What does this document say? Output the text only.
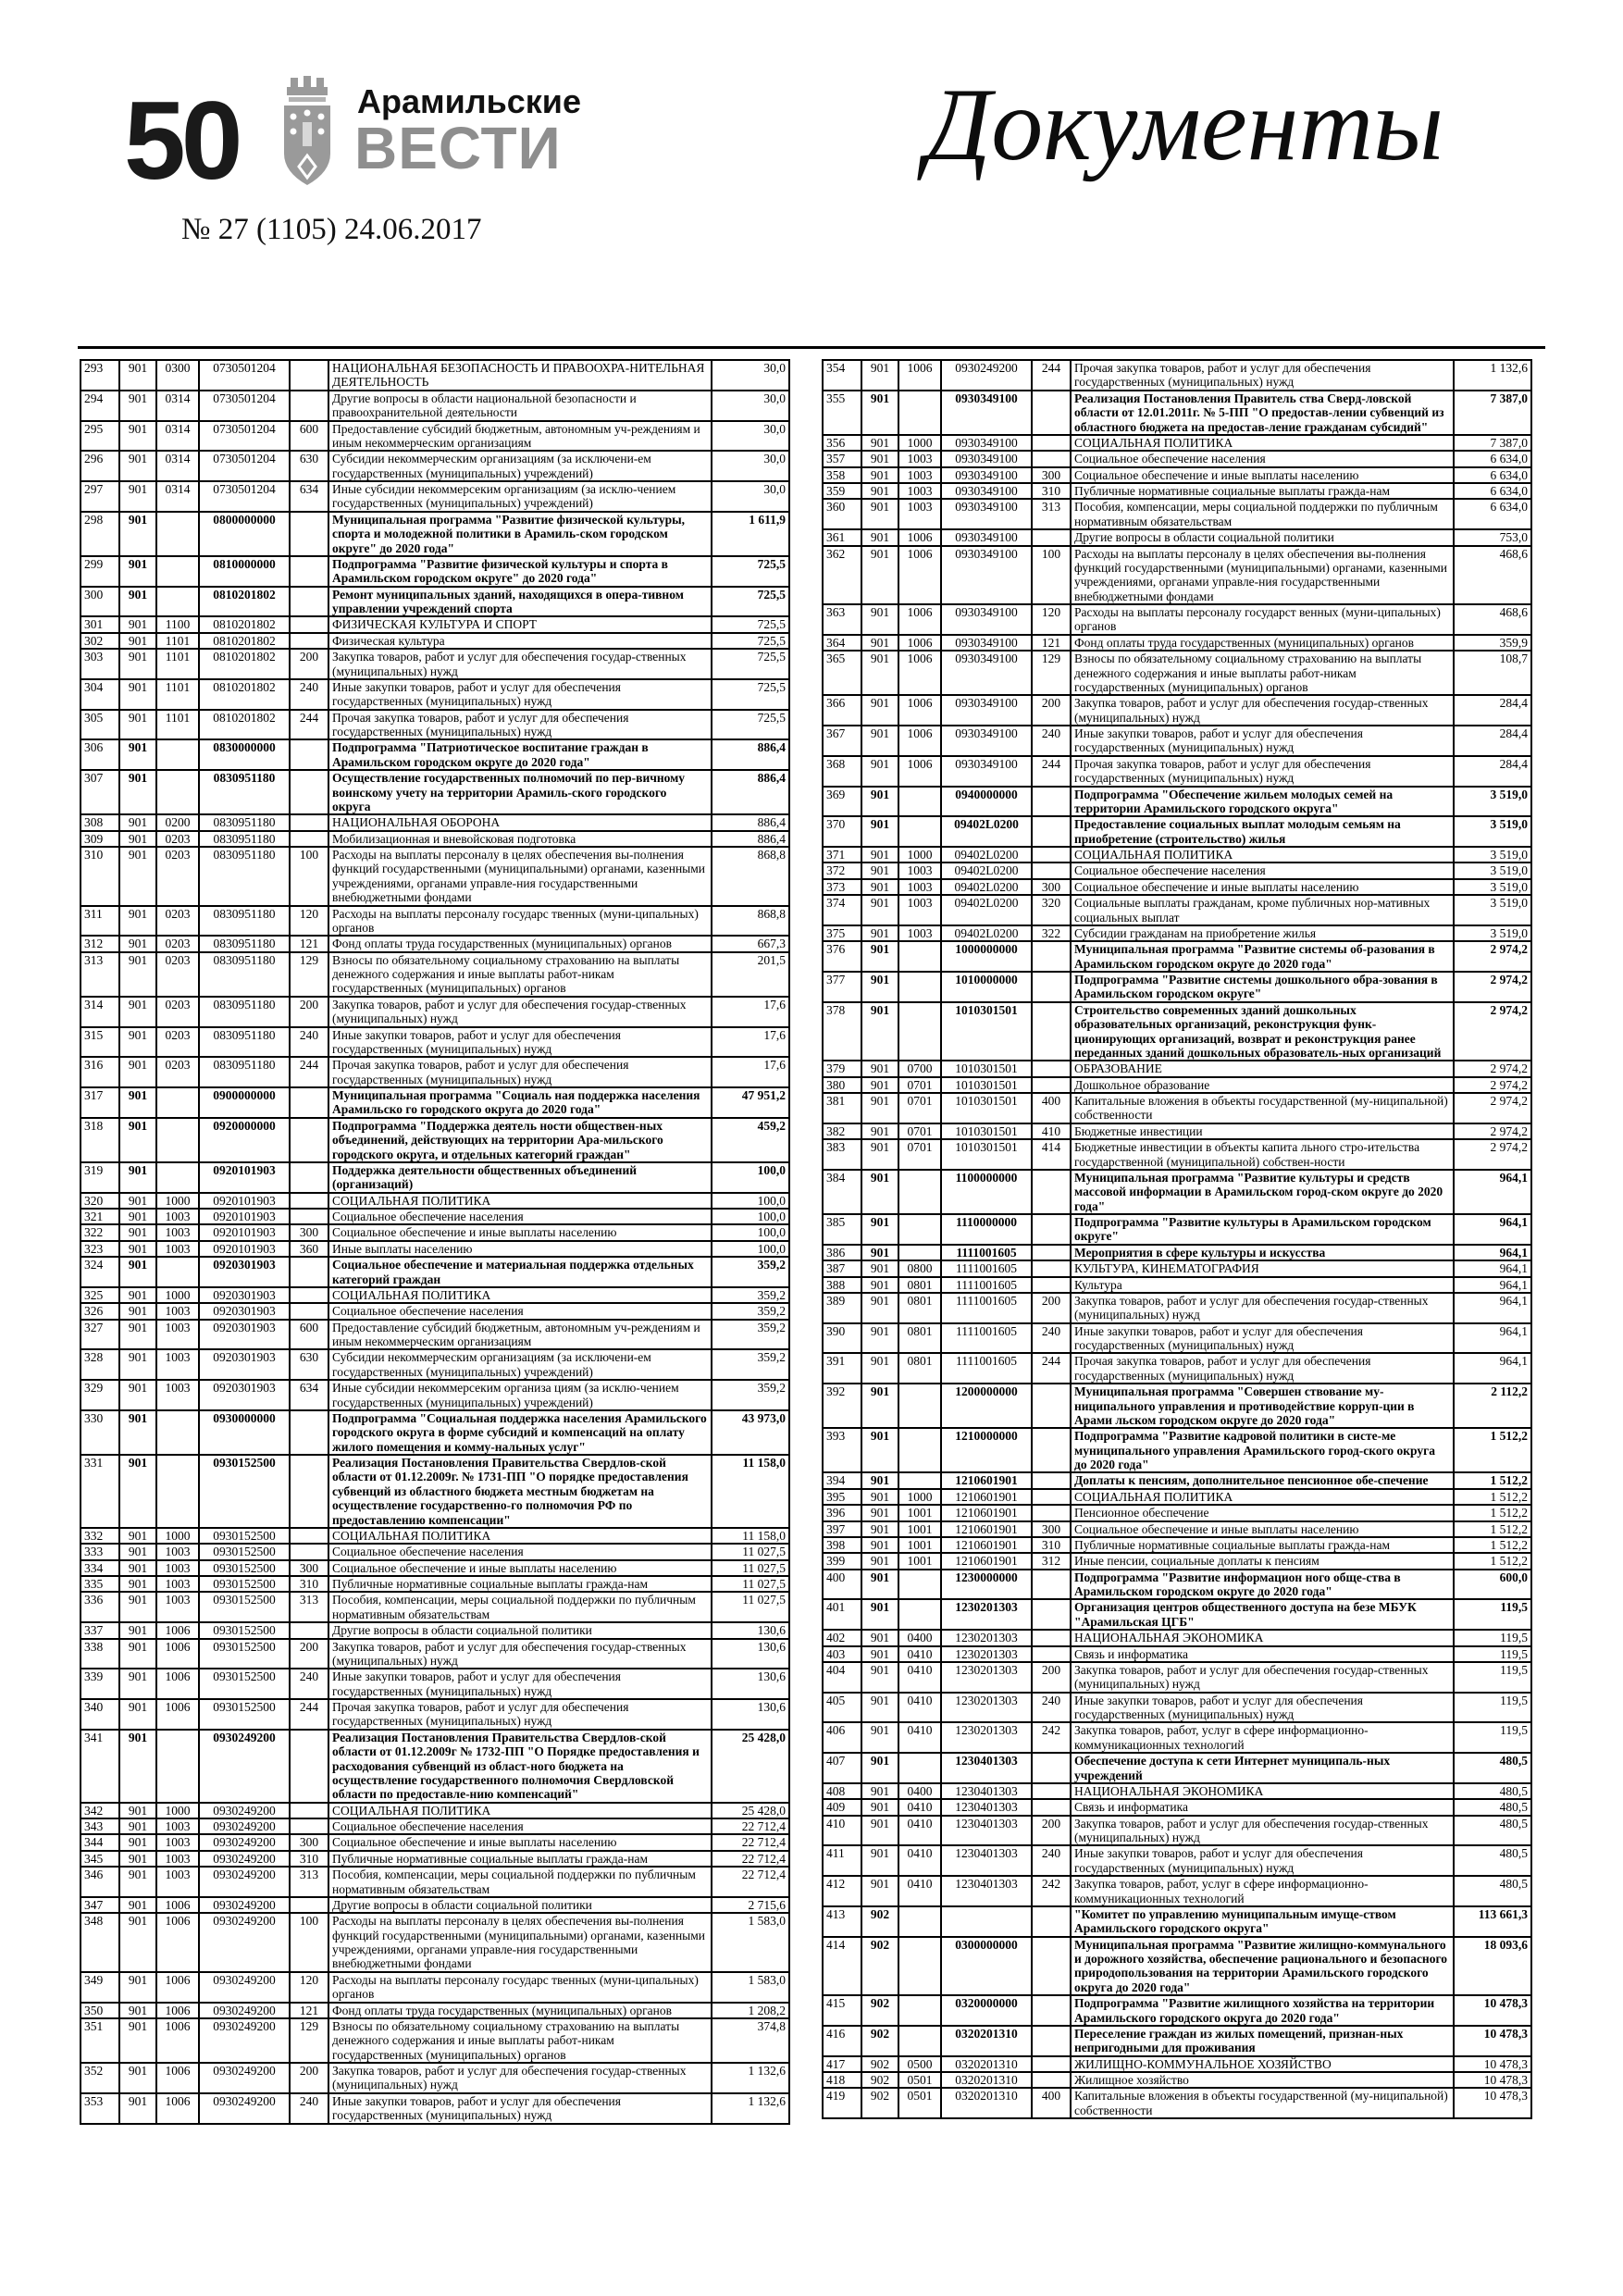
50	Арамильские
ВЕСТИ
№ 27 (1105) 24.06.2017
Документы
293	901	0300	0730501204		НАЦИОНАЛЬНАЯ БЕЗОПАСНОСТЬ И ПРАВООХРА-НИТЕЛЬНАЯ ДЕЯТЕЛЬНОСТЬ	30,0
294	901	0314	0730501204		Другие вопросы в области национальной безопасности и правоохранительной деятельности	30,0
295	901	0314	0730501204	600	Предоставление субсидий бюджетным, автономным уч-реждениям и иным некоммерческим организациям	30,0
296	901	0314	0730501204	630	Субсидии некоммерческим организациям (за исключени-ем государственных (муниципальных) учреждений)	30,0
297	901	0314	0730501204	634	Иные субсидии некоммерсеким организациям (за исклю-чением государственных (муниципальных) учреждений)	30,0
298	901		0800000000		Муниципальная программа "Развитие физической культуры, спорта и молодежной политики в Арамиль-ском городском округе" до 2020 года"	1 611,9
299	901		0810000000		Подпрограмма "Развитие физической культуры и спорта в Арамильском городском округе" до 2020 года"	725,5
300	901		0810201802		Ремонт муниципальных зданий, находящихся в опера-тивном управлении учреждений спорта	725,5
301	901	1100	0810201802		ФИЗИЧЕСКАЯ КУЛЬТУРА И СПОРТ	725,5
302	901	1101	0810201802		Физическая культура	725,5
303	901	1101	0810201802	200	Закупка товаров, работ и услуг для обеспечения государ-ственных (муниципальных) нужд	725,5
304	901	1101	0810201802	240	Иные закупки товаров, работ и услуг для обеспечения государственных (муниципальных) нужд	725,5
305	901	1101	0810201802	244	Прочая закупка товаров, работ и услуг для обеспечения государственных (муниципальных) нужд	725,5
306	901		0830000000		Подпрограмма "Патриотическое воспитание граждан в Арамильском городском округе до 2020 года"	886,4
307	901		0830951180		Осуществление государственных полномочий по пер-вичному воинскому учету на территории Арамиль-ского городского округа	886,4
308	901	0200	0830951180		НАЦИОНАЛЬНАЯ ОБОРОНА	886,4
309	901	0203	0830951180		Мобилизационная и вневойсковая подготовка	886,4
310	901	0203	0830951180	100	Расходы на выплаты персоналу в целях обеспечения вы-полнения функций государственными (муниципальными) органами, казенными учреждениями, органами управле-ния государственными внебюджетными фондами	868,8
311	901	0203	0830951180	120	Расходы на выплаты персоналу государс твенных (муни-ципальных) органов	868,8
312	901	0203	0830951180	121	Фонд оплаты труда государственных (муниципальных) органов	667,3
313	901	0203	0830951180	129	Взносы по обязательному социальному страхованию на выплаты денежного содержания и иные выплаты работ-никам государственных (муниципальных) органов	201,5
314	901	0203	0830951180	200	Закупка товаров, работ и услуг для обеспечения государ-ственных (муниципальных) нужд	17,6
315	901	0203	0830951180	240	Иные закупки товаров, работ и услуг для обеспечения государственных (муниципальных) нужд	17,6
316	901	0203	0830951180	244	Прочая закупка товаров, работ и услуг для обеспечения государственных (муниципальных) нужд	17,6
317	901		0900000000		Муниципальная программа "Социаль ная поддержка населения Арамильско го городского округа до 2020 года"	47 951,2
318	901		0920000000		Подпрограмма "Поддержка деятель ности обществен-ных объединений, действующих на территории Ара-мильского городского округа, и отдельных категорий граждан"	459,2
319	901		0920101903		Поддержка деятельности общественных объединений (организаций)	100,0
320	901	1000	0920101903		СОЦИАЛЬНАЯ ПОЛИТИКА	100,0
321	901	1003	0920101903		Социальное обеспечение населения	100,0
322	901	1003	0920101903	300	Социальное обеспечение и иные выплаты населению	100,0
323	901	1003	0920101903	360	Иные выплаты населению	100,0
324	901		0920301903		Социальное обеспечение и материальная поддержка отдельных категорий граждан	359,2
325	901	1000	0920301903		СОЦИАЛЬНАЯ ПОЛИТИКА	359,2
326	901	1003	0920301903		Социальное обеспечение населения	359,2
327	901	1003	0920301903	600	Предоставление субсидий бюджетным, автономным уч-реждениям и иным некоммерческим организациям	359,2
328	901	1003	0920301903	630	Субсидии некоммерческим организациям (за исключени-ем государственных (муниципальных) учреждений)	359,2
329	901	1003	0920301903	634	Иные субсидии некоммерсеким организа циям (за исклю-чением государственных (муниципальных) учреждений)	359,2
330	901		0930000000		Подпрограмма "Социальная поддержка населения Арамильского городского округа в форме субсидий и компенсаций на оплату жилого помещения и комму-нальных услуг"	43 973,0
331	901		0930152500		Реализация Постановления Правительства Свердлов-ской области от 01.12.2009г. № 1731-ПП "О порядке предоставления субвенций из областного бюджета местным бюджетам на осуществление государственно-го полномочия РФ по предоставлению компенсации"	11 158,0
332	901	1000	0930152500		СОЦИАЛЬНАЯ ПОЛИТИКА	11 158,0
333	901	1003	0930152500		Социальное обеспечение населения	11 027,5
334	901	1003	0930152500	300	Социальное обеспечение и иные выплаты населению	11 027,5
335	901	1003	0930152500	310	Публичные нормативные социальные выплаты гражда-нам	11 027,5
336	901	1003	0930152500	313	Пособия, компенсации, меры социальной поддержки по публичным нормативным обязательствам	11 027,5
337	901	1006	0930152500		Другие вопросы в области социальной политики	130,6
338	901	1006	0930152500	200	Закупка товаров, работ и услуг для обеспечения государ-ственных (муниципальных) нужд	130,6
339	901	1006	0930152500	240	Иные закупки товаров, работ и услуг для обеспечения государственных (муниципальных) нужд	130,6
340	901	1006	0930152500	244	Прочая закупка товаров, работ и услуг для обеспечения государственных (муниципальных) нужд	130,6
341	901		0930249200		Реализация Постановления Правительства Свердлов-ской области от 01.12.2009г № 1732-ПП "О Порядке предоставления и расходования субвенций из област-ного бюджета на осуществление государственного полномочия Свердловской области по предоставле-нию компенсаций"	25 428,0
342	901	1000	0930249200		СОЦИАЛЬНАЯ ПОЛИТИКА	25 428,0
343	901	1003	0930249200		Социальное обеспечение населения	22 712,4
344	901	1003	0930249200	300	Социальное обеспечение и иные выплаты населению	22 712,4
345	901	1003	0930249200	310	Публичные нормативные социальные выплаты гражда-нам	22 712,4
346	901	1003	0930249200	313	Пособия, компенсации, меры социальной поддержки по публичным нормативным обязательствам	22 712,4
347	901	1006	0930249200		Другие вопросы в области социальной политики	2 715,6
348	901	1006	0930249200	100	Расходы на выплаты персоналу в целях обеспечения вы-полнения функций государственными (муниципальными) органами, казенными учреждениями, органами управле-ния государственными внебюджетными фондами	1 583,0
349	901	1006	0930249200	120	Расходы на выплаты персоналу государс твенных (муни-ципальных) органов	1 583,0
350	901	1006	0930249200	121	Фонд оплаты труда государственных (муниципальных) органов	1 208,2
351	901	1006	0930249200	129	Взносы по обязательному социальному страхованию на выплаты денежного содержания и иные выплаты работ-никам государственных (муниципальных) органов	374,8
352	901	1006	0930249200	200	Закупка товаров, работ и услуг для обеспечения государ-ственных (муниципальных) нужд	1 132,6
353	901	1006	0930249200	240	Иные закупки товаров, работ и услуг для обеспечения государственных (муниципальных) нужд	1 132,6
354	901	1006	0930249200	244	Прочая закупка товаров, работ и услуг для обеспечения государственных (муниципальных) нужд	1 132,6
355	901		0930349100		Реализация Постановления Правитель ства Сверд-ловской области от 12.01.2011г. № 5-ПП "О предостав-лении субвенций из областного бюджета на предостав-ление гражданам субсидий"	7 387,0
356	901	1000	0930349100		СОЦИАЛЬНАЯ ПОЛИТИКА	7 387,0
357	901	1003	0930349100		Социальное обеспечение населения	6 634,0
358	901	1003	0930349100	300	Социальное обеспечение и иные выплаты населению	6 634,0
359	901	1003	0930349100	310	Публичные нормативные социальные выплаты гражда-нам	6 634,0
360	901	1003	0930349100	313	Пособия, компенсации, меры социальной поддержки по публичным нормативным обязательствам	6 634,0
361	901	1006	0930349100		Другие вопросы в области социальной политики	753,0
362	901	1006	0930349100	100	Расходы на выплаты персоналу в целях обеспечения вы-полнения функций государственными (муниципальными) органами, казенными учреждениями, органами управле-ния государственными внебюджетными фондами	468,6
363	901	1006	0930349100	120	Расходы на выплаты персоналу государст венных (муни-ципальных) органов	468,6
364	901	1006	0930349100	121	Фонд оплаты труда государственных (муниципальных) органов	359,9
365	901	1006	0930349100	129	Взносы по обязательному социальному страхованию на выплаты денежного содержания и иные выплаты работ-никам государственных (муниципальных) органов	108,7
366	901	1006	0930349100	200	Закупка товаров, работ и услуг для обеспечения государ-ственных (муниципальных) нужд	284,4
367	901	1006	0930349100	240	Иные закупки товаров, работ и услуг для обеспечения государственных (муниципальных) нужд	284,4
368	901	1006	0930349100	244	Прочая закупка товаров, работ и услуг для обеспечения государственных (муниципальных) нужд	284,4
369	901		0940000000		Подпрограмма "Обеспечение жильем молодых семей на территории Арамильского городского округа"	3 519,0
370	901		09402L0200		Предоставление социальных выплат молодым семьям на приобретение (строительство) жилья	3 519,0
371	901	1000	09402L0200		СОЦИАЛЬНАЯ ПОЛИТИКА	3 519,0
372	901	1003	09402L0200		Социальное обеспечение населения	3 519,0
373	901	1003	09402L0200	300	Социальное обеспечение и иные выплаты населению	3 519,0
374	901	1003	09402L0200	320	Социальные выплаты гражданам, кроме публичных нор-мативных социальных выплат	3 519,0
375	901	1003	09402L0200	322	Субсидии гражданам на приобретение жилья	3 519,0
376	901		1000000000		Муниципальная программа "Развитие системы об-разования в Арамильском городском округе до 2020 года"	2 974,2
377	901		1010000000		Подпрограмма "Развитие системы дошкольного обра-зования в Арамильском городском округе"	2 974,2
378	901		1010301501		Строительство современных зданий дошкольных образовательных организаций, реконструкция функ-ционирующих организаций, возврат и реконструкция ранее переданных зданий дошкольных образователь-ных организаций	2 974,2
379	901	0700	1010301501		ОБРАЗОВАНИЕ	2 974,2
380	901	0701	1010301501		Дошкольное образование	2 974,2
381	901	0701	1010301501	400	Капитальные вложения в объекты государственной (му-ниципальной) собственности	2 974,2
382	901	0701	1010301501	410	Бюджетные инвестиции	2 974,2
383	901	0701	1010301501	414	Бюджетные инвестиции в объекты капита льного стро-ительства государственной (муниципальной) собствен-ности	2 974,2
384	901		1100000000		Муниципальная программа "Развитие культуры и средств массовой информации в Арамильском город-ском округе до 2020 года"	964,1
385	901		1110000000		Подпрограмма "Развитие культуры в Арамильском городском округе"	964,1
386	901		1111001605		Мероприятия в сфере культуры и искусства	964,1
387	901	0800	1111001605		КУЛЬТУРА, КИНЕМАТОГРАФИЯ	964,1
388	901	0801	1111001605		Культура	964,1
389	901	0801	1111001605	200	Закупка товаров, работ и услуг для обеспечения государ-ственных (муниципальных) нужд	964,1
390	901	0801	1111001605	240	Иные закупки товаров, работ и услуг для обеспечения государственных (муниципальных) нужд	964,1
391	901	0801	1111001605	244	Прочая закупка товаров, работ и услуг для обеспечения государственных (муниципальных) нужд	964,1
392	901		1200000000		Муниципальная программа "Совершен ствование му-ниципального управления и противодействие корруп-ции в Арами льском городском округе до 2020 года"	2 112,2
393	901		1210000000		Подпрограмма "Развитие кадровой политики в систе-ме муниципального управления Арамильского город-ского округа до 2020 года"	1 512,2
394	901		1210601901		Доплаты к пенсиям, дополнительное пенсионное обе-спечение	1 512,2
395	901	1000	1210601901		СОЦИАЛЬНАЯ ПОЛИТИКА	1 512,2
396	901	1001	1210601901		Пенсионное обеспечение	1 512,2
397	901	1001	1210601901	300	Социальное обеспечение и иные выплаты населению	1 512,2
398	901	1001	1210601901	310	Публичные нормативные социальные выплаты гражда-нам	1 512,2
399	901	1001	1210601901	312	Иные пенсии, социальные доплаты к пенсиям	1 512,2
400	901		1230000000		Подпрограмма "Развитие информацион ного обще-ства в Арамильском городском округе до 2020 года"	600,0
401	901		1230201303		Организация центров общественного доступа на безе МБУК "Арамильская ЦГБ"	119,5
402	901	0400	1230201303		НАЦИОНАЛЬНАЯ ЭКОНОМИКА	119,5
403	901	0410	1230201303		Связь и информатика	119,5
404	901	0410	1230201303	200	Закупка товаров, работ и услуг для обеспечения государ-ственных (муниципальных) нужд	119,5
405	901	0410	1230201303	240	Иные закупки товаров, работ и услуг для обеспечения государственных (муниципальных) нужд	119,5
406	901	0410	1230201303	242	Закупка товаров, работ, услуг в сфере информационно-коммуникационных технологий	119,5
407	901		1230401303		Обеспечение доступа к сети Интернет муниципаль-ных учреждений	480,5
408	901	0400	1230401303		НАЦИОНАЛЬНАЯ ЭКОНОМИКА	480,5
409	901	0410	1230401303		Связь и информатика	480,5
410	901	0410	1230401303	200	Закупка товаров, работ и услуг для обеспечения государ-ственных (муниципальных) нужд	480,5
411	901	0410	1230401303	240	Иные закупки товаров, работ и услуг для обеспечения государственных (муниципальных) нужд	480,5
412	901	0410	1230401303	242	Закупка товаров, работ, услуг в сфере информационно-коммуникационных технологий	480,5
413	902				"Комитет по управлению муниципальным имуще-ством Арамильского городского округа"	113 661,3
414	902		0300000000		Муниципальная программа "Развитие жилищно-коммунального и дорожного хозяйства, обеспечение рационального и безопасного природопользования на территории Арамильского городского округа до 2020 года"	18 093,6
415	902		0320000000		Подпрограмма "Развитие жилищного хозяйства на территории Арамильского городского округа до 2020 года"	10 478,3
416	902		0320201310		Переселение граждан из жилых помещений, признан-ных непригодными для проживания	10 478,3
417	902	0500	0320201310		ЖИЛИЩНО-КОММУНАЛЬНОЕ ХОЗЯЙСТВО	10 478,3
418	902	0501	0320201310		Жилищное хозяйство	10 478,3
419	902	0501	0320201310	400	Капитальные вложения в объекты государственной (му-ниципальной) собственности	10 478,3
